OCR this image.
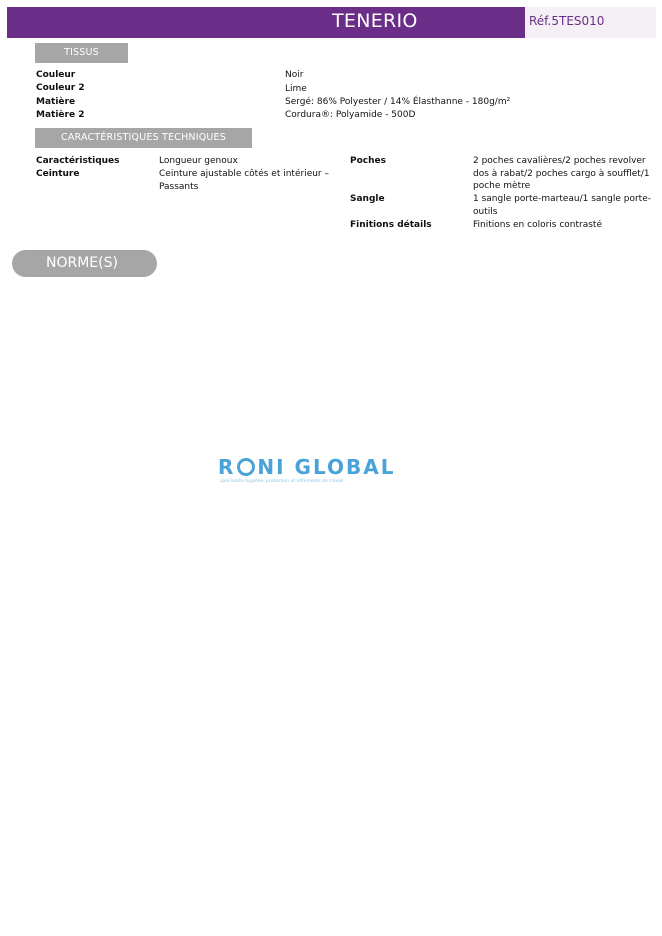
TENERIO	Réf.5TES010
TISSUS
Couleur	Noir
Couleur 2	Lime
Matière	Sergé: 86% Polyester / 14% Élasthanne - 180g/m²
Matière 2	Cordura®: Polyamide - 500D
CARACTÉRISTIQUES TECHNIQUES
Caractéristiques	Longueur genoux
Ceinture	Ceinture ajustable côtés et intérieur – Passants
Poches	2 poches cavalières/2 poches revolver dos à rabat/2 poches cargo à soufflet/1 poche mètre
Sangle	1 sangle porte-marteau/1 sangle porte-outils
Finitions détails	Finitions en coloris contrasté
NORME(S)
R NI GLOBAL
spécialiste hygiène, protection et vêtements de travail
